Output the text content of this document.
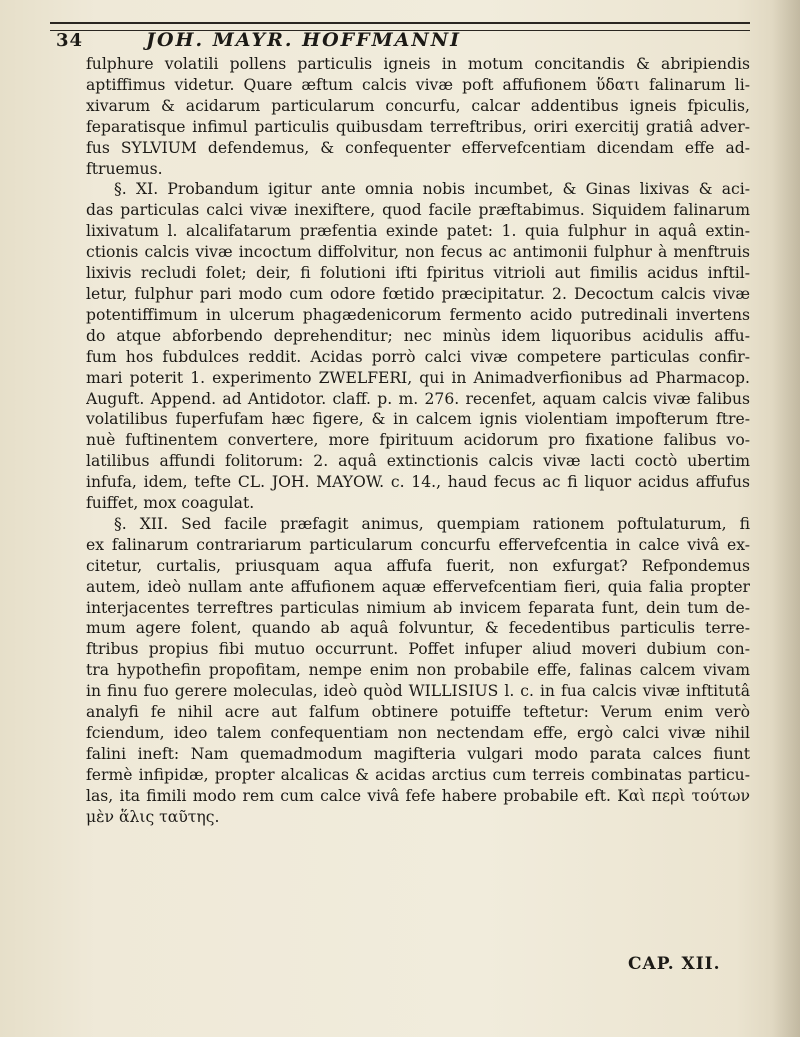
34	JOH. MAYR. HOFFMANNI
fulphure volatili pollens particulis igneis in motum concitandis & abripiendis
aptiffimus videtur. Quare æftum calcis vivæ poft affufionem ὕδατι falinarum li-
xivarum & acidarum particularum concurfu, calcar addentibus igneis fpiculis,
feparatisque infimul particulis quibusdam terreftribus, oriri exercitij gratiâ adver-
fus SYLVIUM defendemus, & confequenter effervefcentiam dicendam effe ad-
ftruemus.
§. XI. Probandum igitur ante omnia nobis incumbet, & Ginas lixivas & aci-
das particulas calci vivæ inexiftere, quod facile præftabimus. Siquidem falinarum
lixivatum l. alcalifatarum præfentia exinde patet: 1. quia fulphur in aquâ extin-
ctionis calcis vivæ incoctum diffolvitur, non fecus ac antimonii fulphur à menftruis
lixivis recludi folet; deir, fi folutioni ifti fpiritus vitrioli aut fimilis acidus inftil-
letur, fulphur pari modo cum odore fœtido præcipitatur. 2. Decoctum calcis vivæ
potentiffimum in ulcerum phagædenicorum fermento acido putredinali invertens
do atque abforbendo deprehenditur; nec minùs idem liquoribus acidulis affu-
fum hos fubdulces reddit. Acidas porrò calci vivæ competere particulas confir-
mari poterit 1. experimento ZWELFERI, qui in Animadverfionibus ad Pharmacop.
Auguft. Append. ad Antidotor. claff. p. m. 276. recenfet, aquam calcis vivæ falibus
volatilibus fuperfufam hæc figere, & in calcem ignis violentiam impofterum ftre-
nuè fuftinentem convertere, more fpirituum acidorum pro fixatione falibus vo-
latilibus affundi folitorum: 2. aquâ extinctionis calcis vivæ lacti coctò ubertim
infufa, idem, tefte CL. JOH. MAYOW. c. 14., haud fecus ac fi liquor acidus affufus
fuiffet, mox coagulat.
§. XII. Sed facile præfagit animus, quempiam rationem poftulaturum, fi
ex falinarum contrariarum particularum concurfu effervefcentia in calce vivâ ex-
citetur, curtalis, priusquam aqua affufa fuerit, non exfurgat? Refpondemus
autem, ideò nullam ante affufionem aquæ effervefcentiam fieri, quia falia propter
interjacentes terreftres particulas nimium ab invicem feparata funt, dein tum de-
mum agere folent, quando ab aquâ folvuntur, & fecedentibus particulis terre-
ftribus propius fibi mutuo occurrunt. Poffet infuper aliud moveri dubium con-
tra hypothefin propofitam, nempe enim non probabile effe, falinas calcem vivam
in finu fuo gerere moleculas, ideò quòd WILLISIUS l. c. in fua calcis vivæ inftitutâ
analyfi fe nihil acre aut falfum obtinere potuiffe teftetur: Verum enim verò
fciendum, ideo talem confequentiam non nectendam effe, ergò calci vivæ nihil
falini ineft: Nam quemadmodum magifteria vulgari modo parata calces fiunt
fermè infipidæ, propter alcalicas & acidas arctius cum terreis combinatas particu-
las, ita fimili modo rem cum calce vivâ fefe habere probabile eft. Καὶ περὶ τούτων
μὲν ἅλις ταῦτης.
CAP. XII.
